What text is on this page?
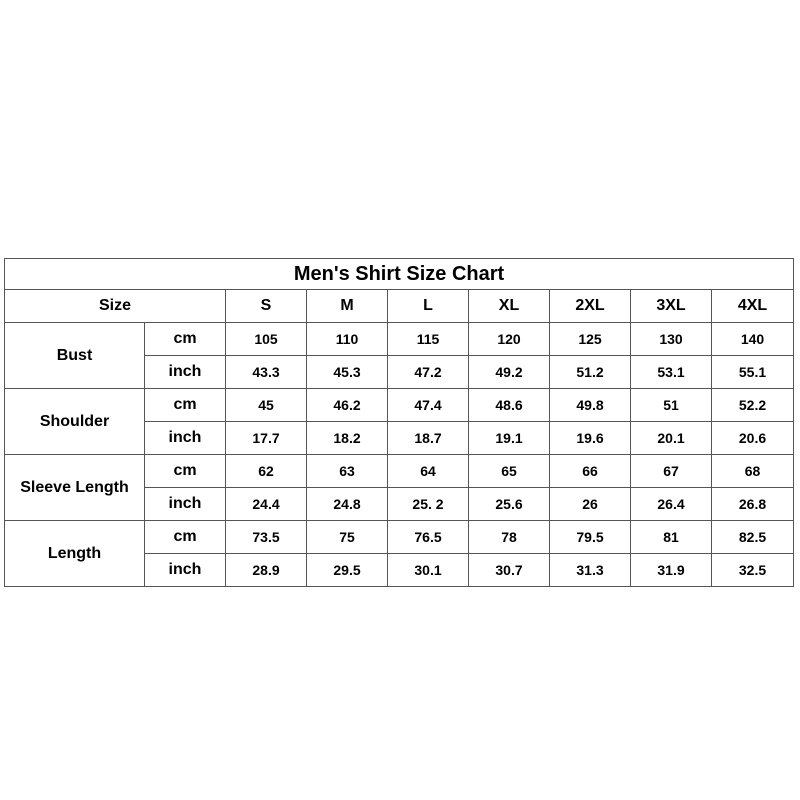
Men's Shirt Size Chart								
Size		S	M	L	XL	2XL	3XL	4XL
Bust	cm	105	110	115	120	125	130	140
	inch	43.3	45.3	47.2	49.2	51.2	53.1	55.1
Shoulder	cm	45	46.2	47.4	48.6	49.8	51	52.2
	inch	17.7	18.2	18.7	19.1	19.6	20.1	20.6
Sleeve Length	cm	62	63	64	65	66	67	68
	inch	24.4	24.8	25. 2	25.6	26	26.4	26.8
Length	cm	73.5	75	76.5	78	79.5	81	82.5
	inch	28.9	29.5	30.1	30.7	31.3	31.9	32.5
